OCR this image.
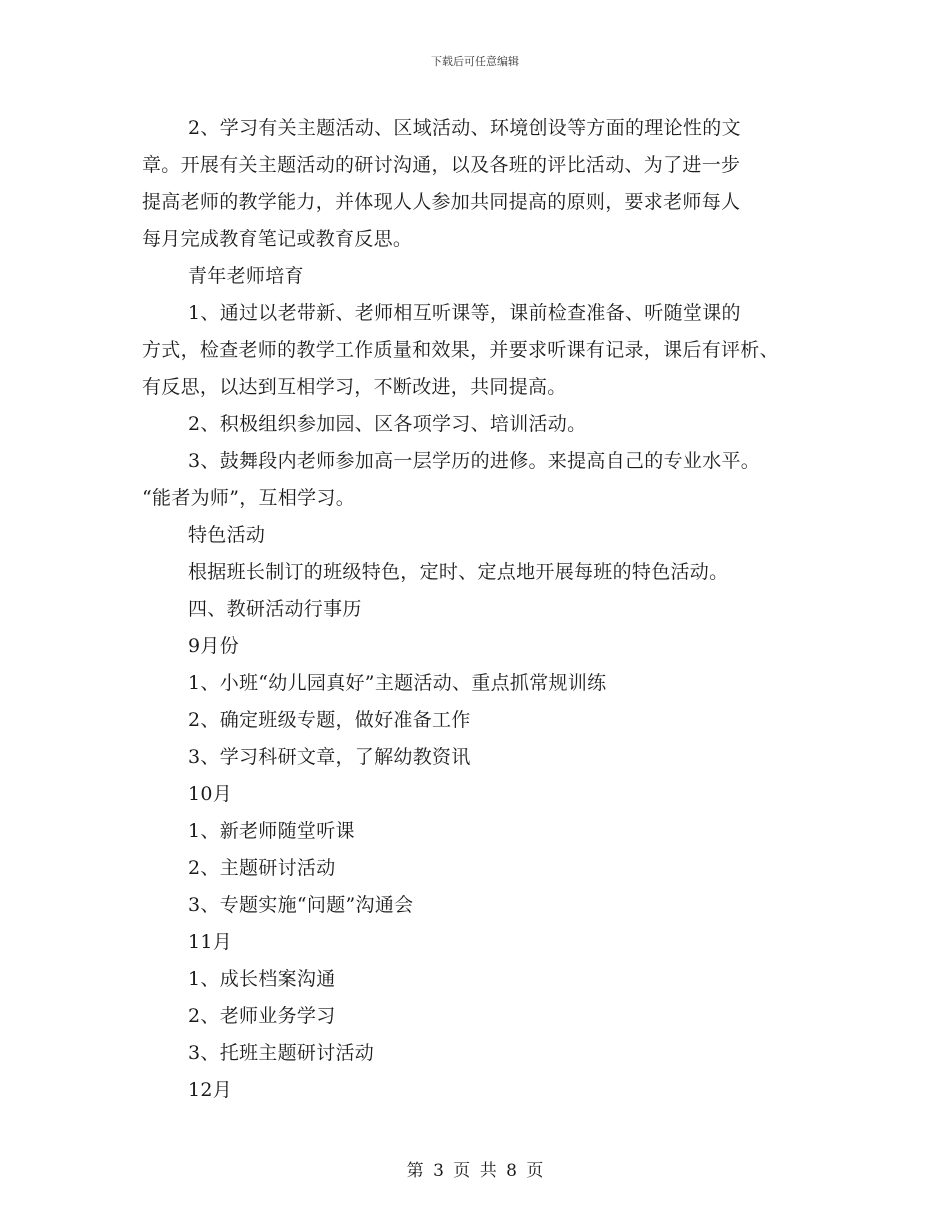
下载后可任意编辑
2、学习有关主题活动、区域活动、环境创设等方面的理论性的文
章。开展有关主题活动的研讨沟通，以及各班的评比活动、为了进一步
提高老师的教学能力，并体现人人参加共同提高的原则，要求老师每人
每月完成教育笔记或教育反思。
青年老师培育
1、通过以老带新、老师相互听课等，课前检查准备、听随堂课的
方式，检查老师的教学工作质量和效果，并要求听课有记录，课后有评析、
有反思，以达到互相学习，不断改进，共同提高。
2、积极组织参加园、区各项学习、培训活动。
3、鼓舞段内老师参加高一层学历的进修。来提高自己的专业水平。
“能者为师”，互相学习。
特色活动
根据班长制订的班级特色，定时、定点地开展每班的特色活动。
四、教研活动行事历
9月份
1、小班“幼儿园真好”主题活动、重点抓常规训练
2、确定班级专题，做好准备工作
3、学习科研文章，了解幼教资讯
10月
1、新老师随堂听课
2、主题研讨活动
3、专题实施“问题”沟通会
11月
1、成长档案沟通
2、老师业务学习
3、托班主题研讨活动
12月
第 3 页 共 8 页
